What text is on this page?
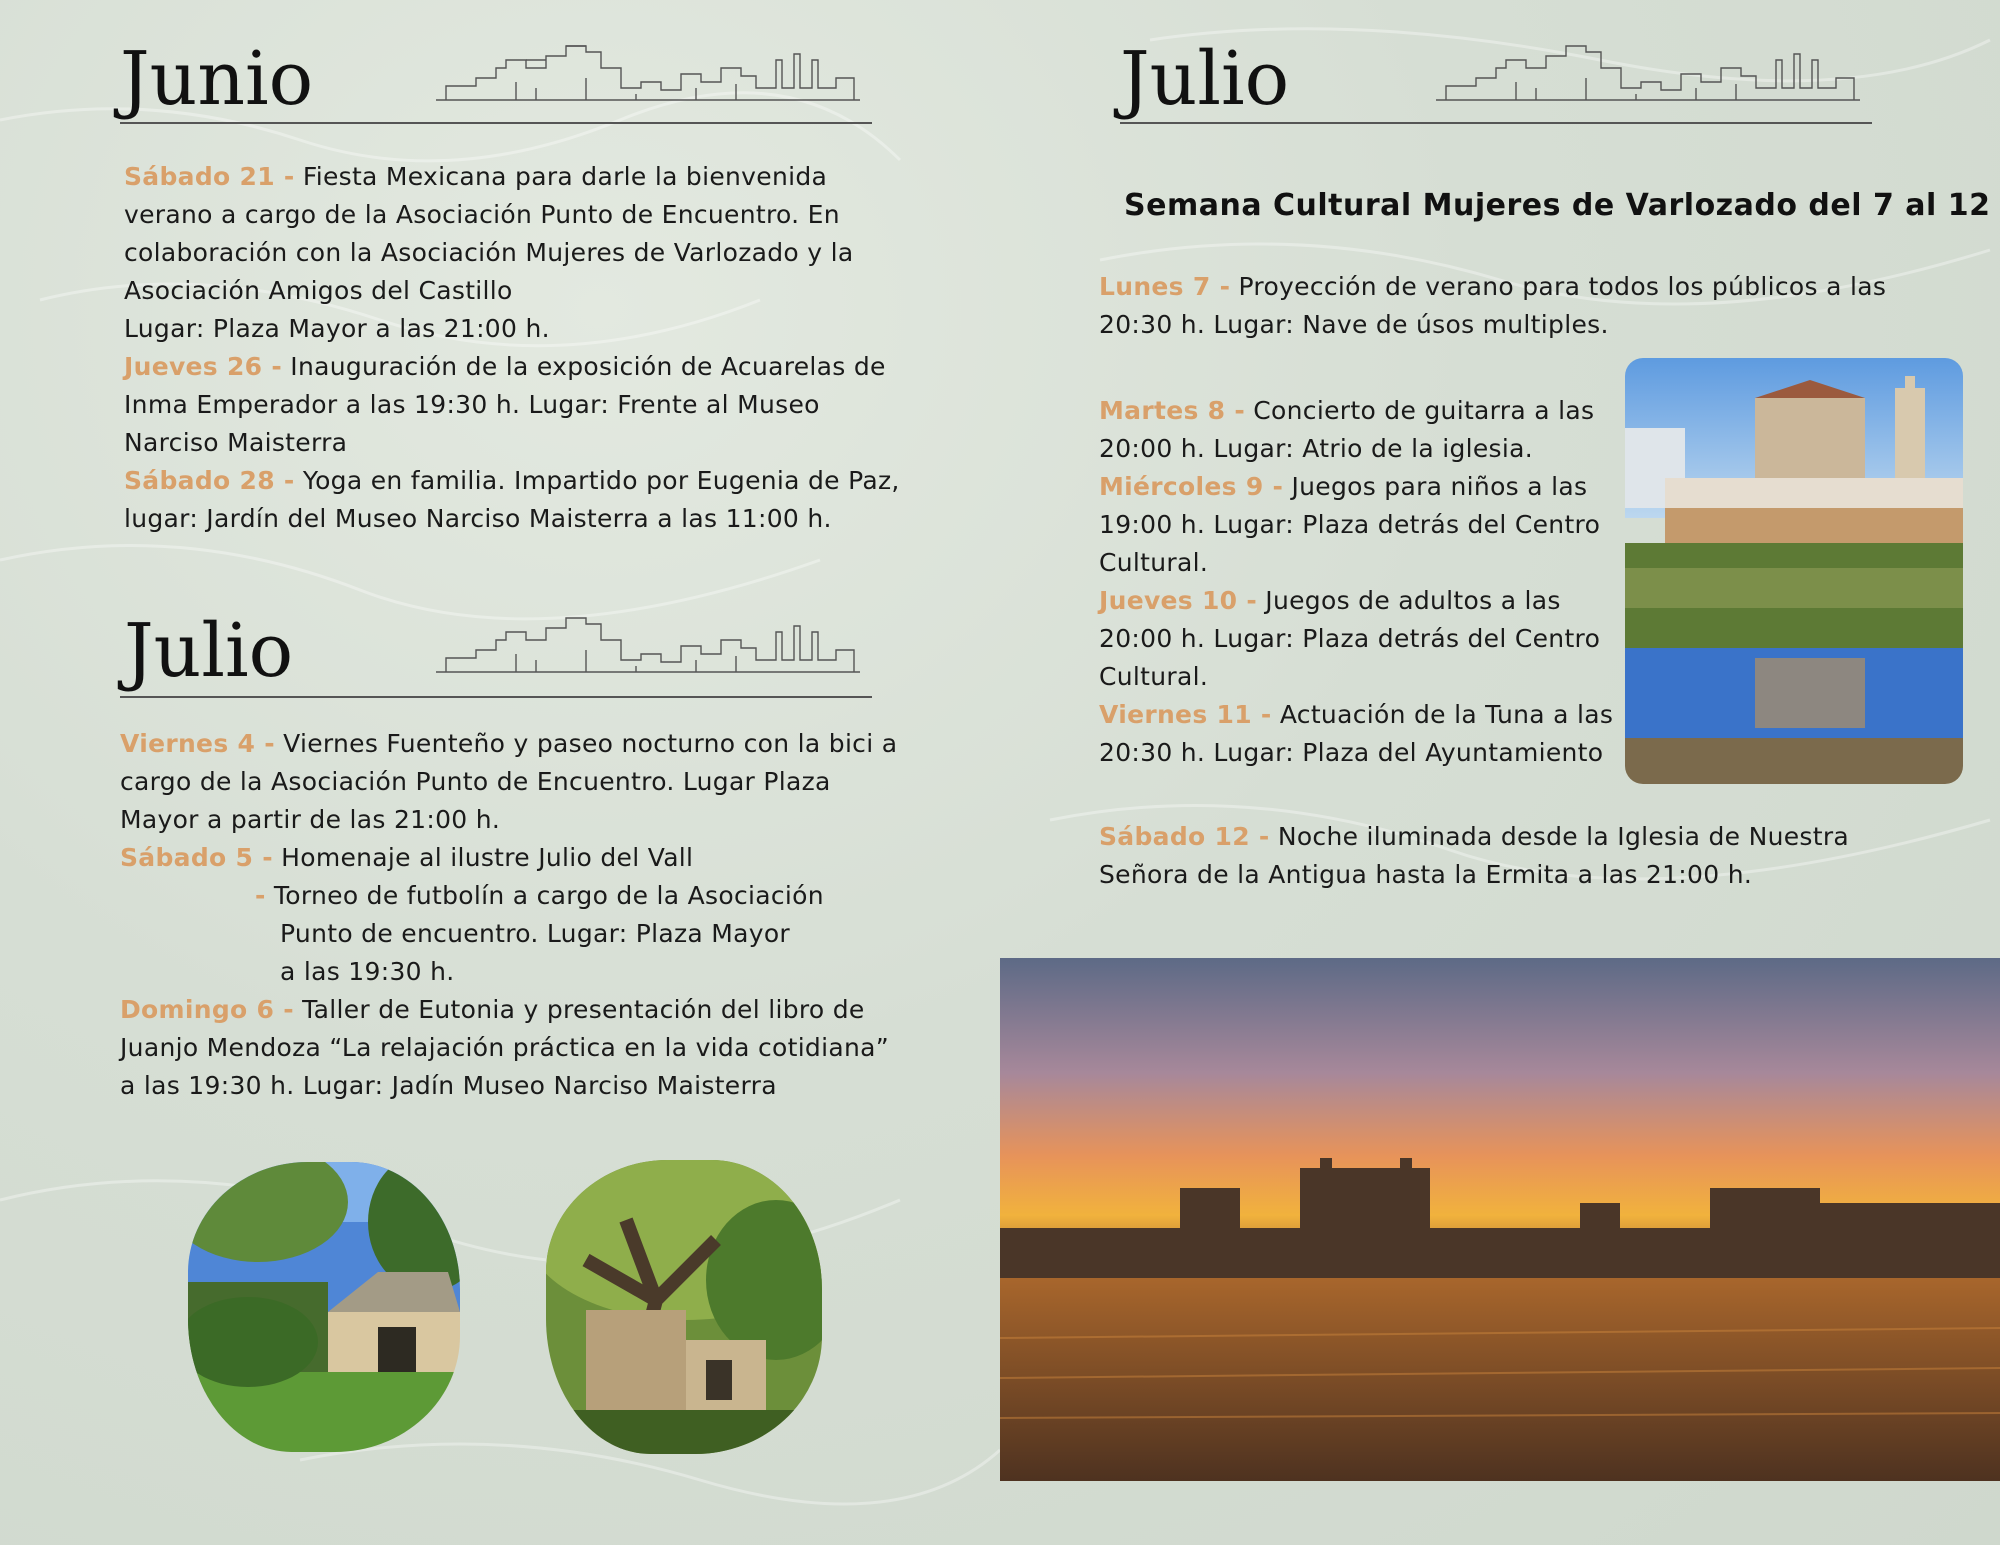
Junio

Sábado 21 - Fiesta Mexicana para darle la bienvenida

verano a cargo de la Asociación Punto de Encuentro. En

colaboración con la Asociación Mujeres de Varlozado y la

Asociación Amigos del Castillo

Lugar: Plaza Mayor a las 21:00 h.

Jueves 26 - Inauguración de la exposición de Acuarelas de

Inma Emperador a las 19:30 h. Lugar: Frente al Museo

Narciso Maisterra

Sábado 28 - Yoga en familia. Impartido por Eugenia de Paz,

lugar: Jardín del Museo Narciso Maisterra a las 11:00 h.

Julio

Viernes 4 - Viernes Fuenteño y paseo nocturno con la bici a

cargo de la Asociación Punto de Encuentro. Lugar Plaza

Mayor a partir de las 21:00 h.

Sábado 5 - Homenaje al ilustre Julio del Vall

- Torneo de futbolín a cargo de la Asociación

Punto de encuentro. Lugar: Plaza Mayor

a las 19:30 h.

Domingo 6 - Taller de Eutonia y presentación del libro de

Juanjo Mendoza “La relajación práctica en la vida cotidiana”

a las 19:30 h. Lugar: Jadín Museo Narciso Maisterra

Julio
Semana Cultural Mujeres de Varlozado del 7 al 12

Lunes 7 - Proyección de verano para todos los públicos a las

20:30 h. Lugar: Nave de úsos multiples.

Martes 8 - Concierto de guitarra a las

20:00 h. Lugar: Atrio de la iglesia.

Miércoles 9 - Juegos para niños a las

19:00 h. Lugar: Plaza detrás del Centro

Cultural.

Jueves 10 - Juegos de adultos a las

20:00 h. Lugar: Plaza detrás del Centro

Cultural.

Viernes 11 - Actuación de la Tuna a las

20:30 h. Lugar: Plaza del Ayuntamiento

Sábado 12 - Noche iluminada desde la Iglesia de Nuestra

Señora de la Antigua hasta la Ermita a las 21:00 h.
